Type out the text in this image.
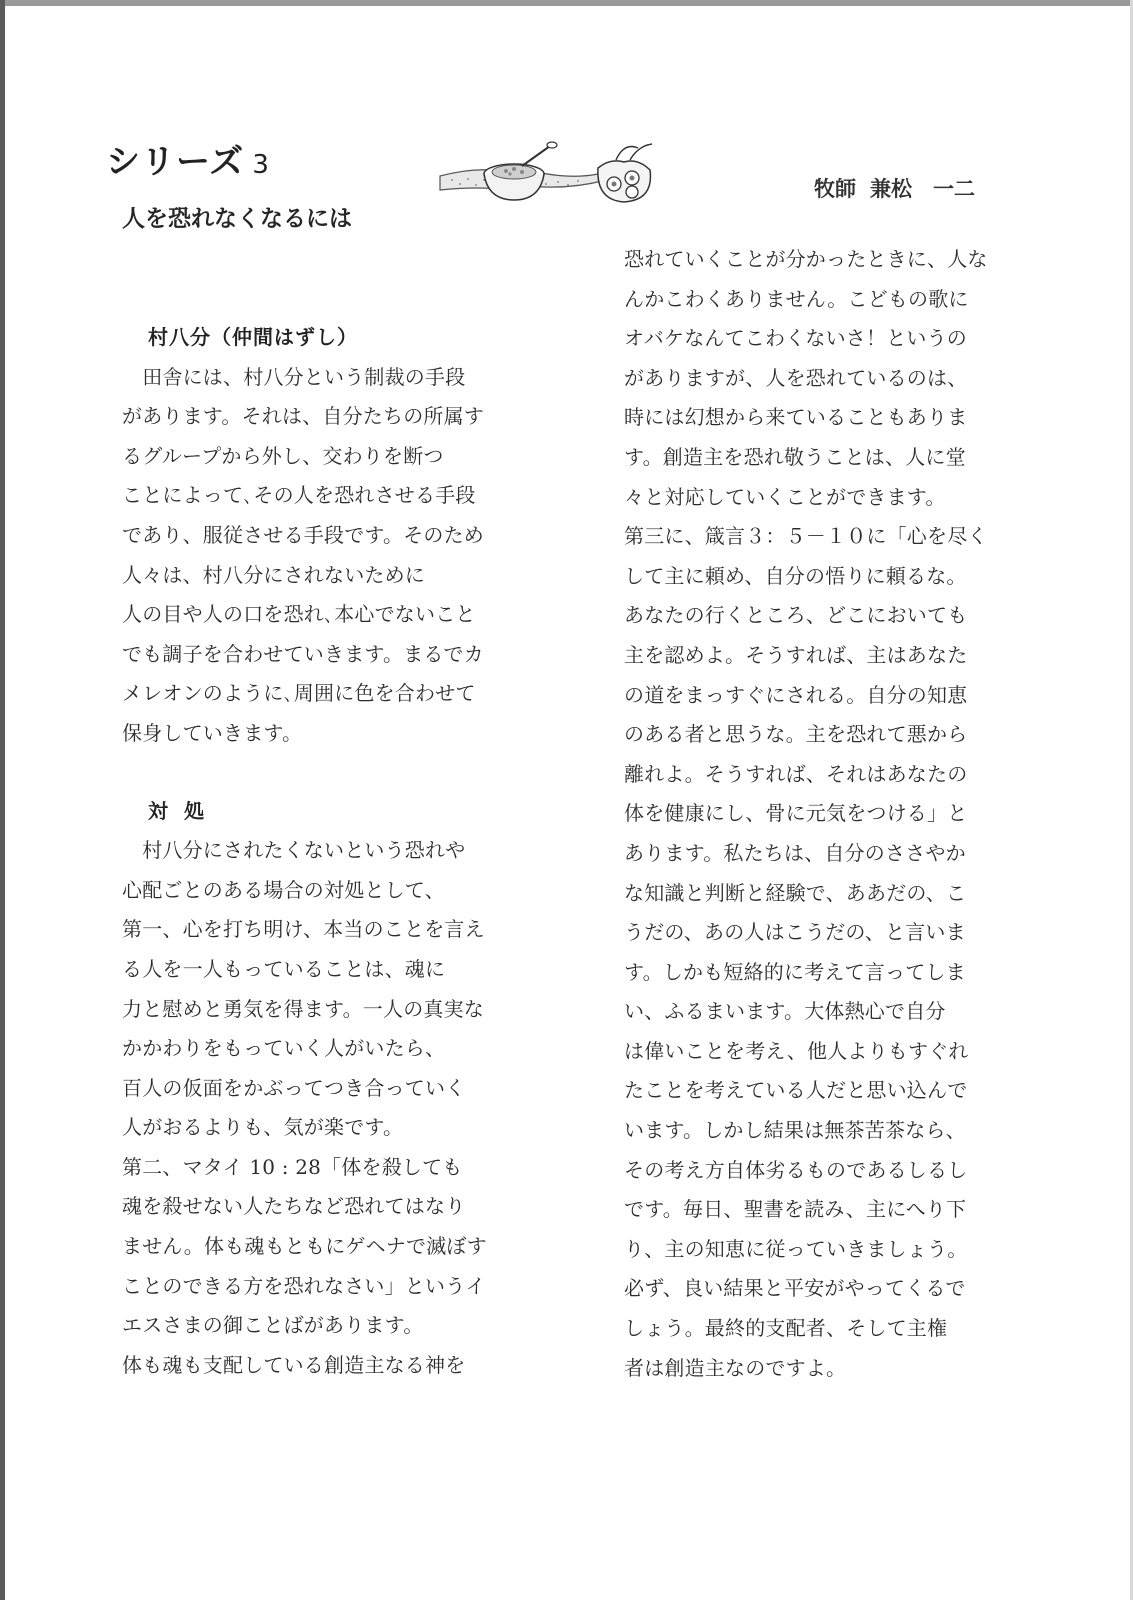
シリーズ 3
人を恐れなくなるには
牧師 兼松　一二
村八分（仲間はずし）
　田舎には、村八分という制裁の手段
があります。それは、自分たちの所属す
るグループから外し、交わりを断つ
ことによって､その人を恐れさせる手段
であり、服従させる手段です。そのため
人々は、村八分にされないために
人の目や人の口を恐れ､本心でないこと
でも調子を合わせていきます。まるでカ
メレオンのように､周囲に色を合わせて
保身していきます。
対処
　村八分にされたくないという恐れや
心配ごとのある場合の対処として、
第一、心を打ち明け、本当のことを言え
る人を一人もっていることは、魂に
力と慰めと勇気を得ます。一人の真実な
かかわりをもっていく人がいたら、
百人の仮面をかぶってつき合っていく
人がおるよりも、気が楽です。
第二、マタイ 10 : 28「体を殺しても
魂を殺せない人たちなど恐れてはなり
ません。体も魂もともにゲヘナで滅ぼす
ことのできる方を恐れなさい」というイ
エスさまの御ことばがあります。
体も魂も支配している創造主なる神を
恐れていくことが分かったときに、人な
んかこわくありません。こどもの歌に
オバケなんてこわくないさ！というの
がありますが、人を恐れているのは、
時には幻想から来ていることもありま
す。創造主を恐れ敬うことは、人に堂
々と対応していくことができます。
第三に、箴言３：５－１０に「心を尽く
して主に頼め、自分の悟りに頼るな。
あなたの行くところ、どこにおいても
主を認めよ。そうすれば、主はあなた
の道をまっすぐにされる。自分の知恵
のある者と思うな。主を恐れて悪から
離れよ。そうすれば、それはあなたの
体を健康にし、骨に元気をつける」と
あります。私たちは、自分のささやか
な知識と判断と経験で、ああだの、こ
うだの、あの人はこうだの、と言いま
す。しかも短絡的に考えて言ってしま
い、ふるまいます。大体熱心で自分
は偉いことを考え、他人よりもすぐれ
たことを考えている人だと思い込んで
います。しかし結果は無茶苦茶なら、
その考え方自体劣るものであるしるし
です。毎日、聖書を読み、主にへり下
り、主の知恵に従っていきましょう。
必ず、良い結果と平安がやってくるで
しょう。最終的支配者、そして主権
者は創造主なのですよ。
